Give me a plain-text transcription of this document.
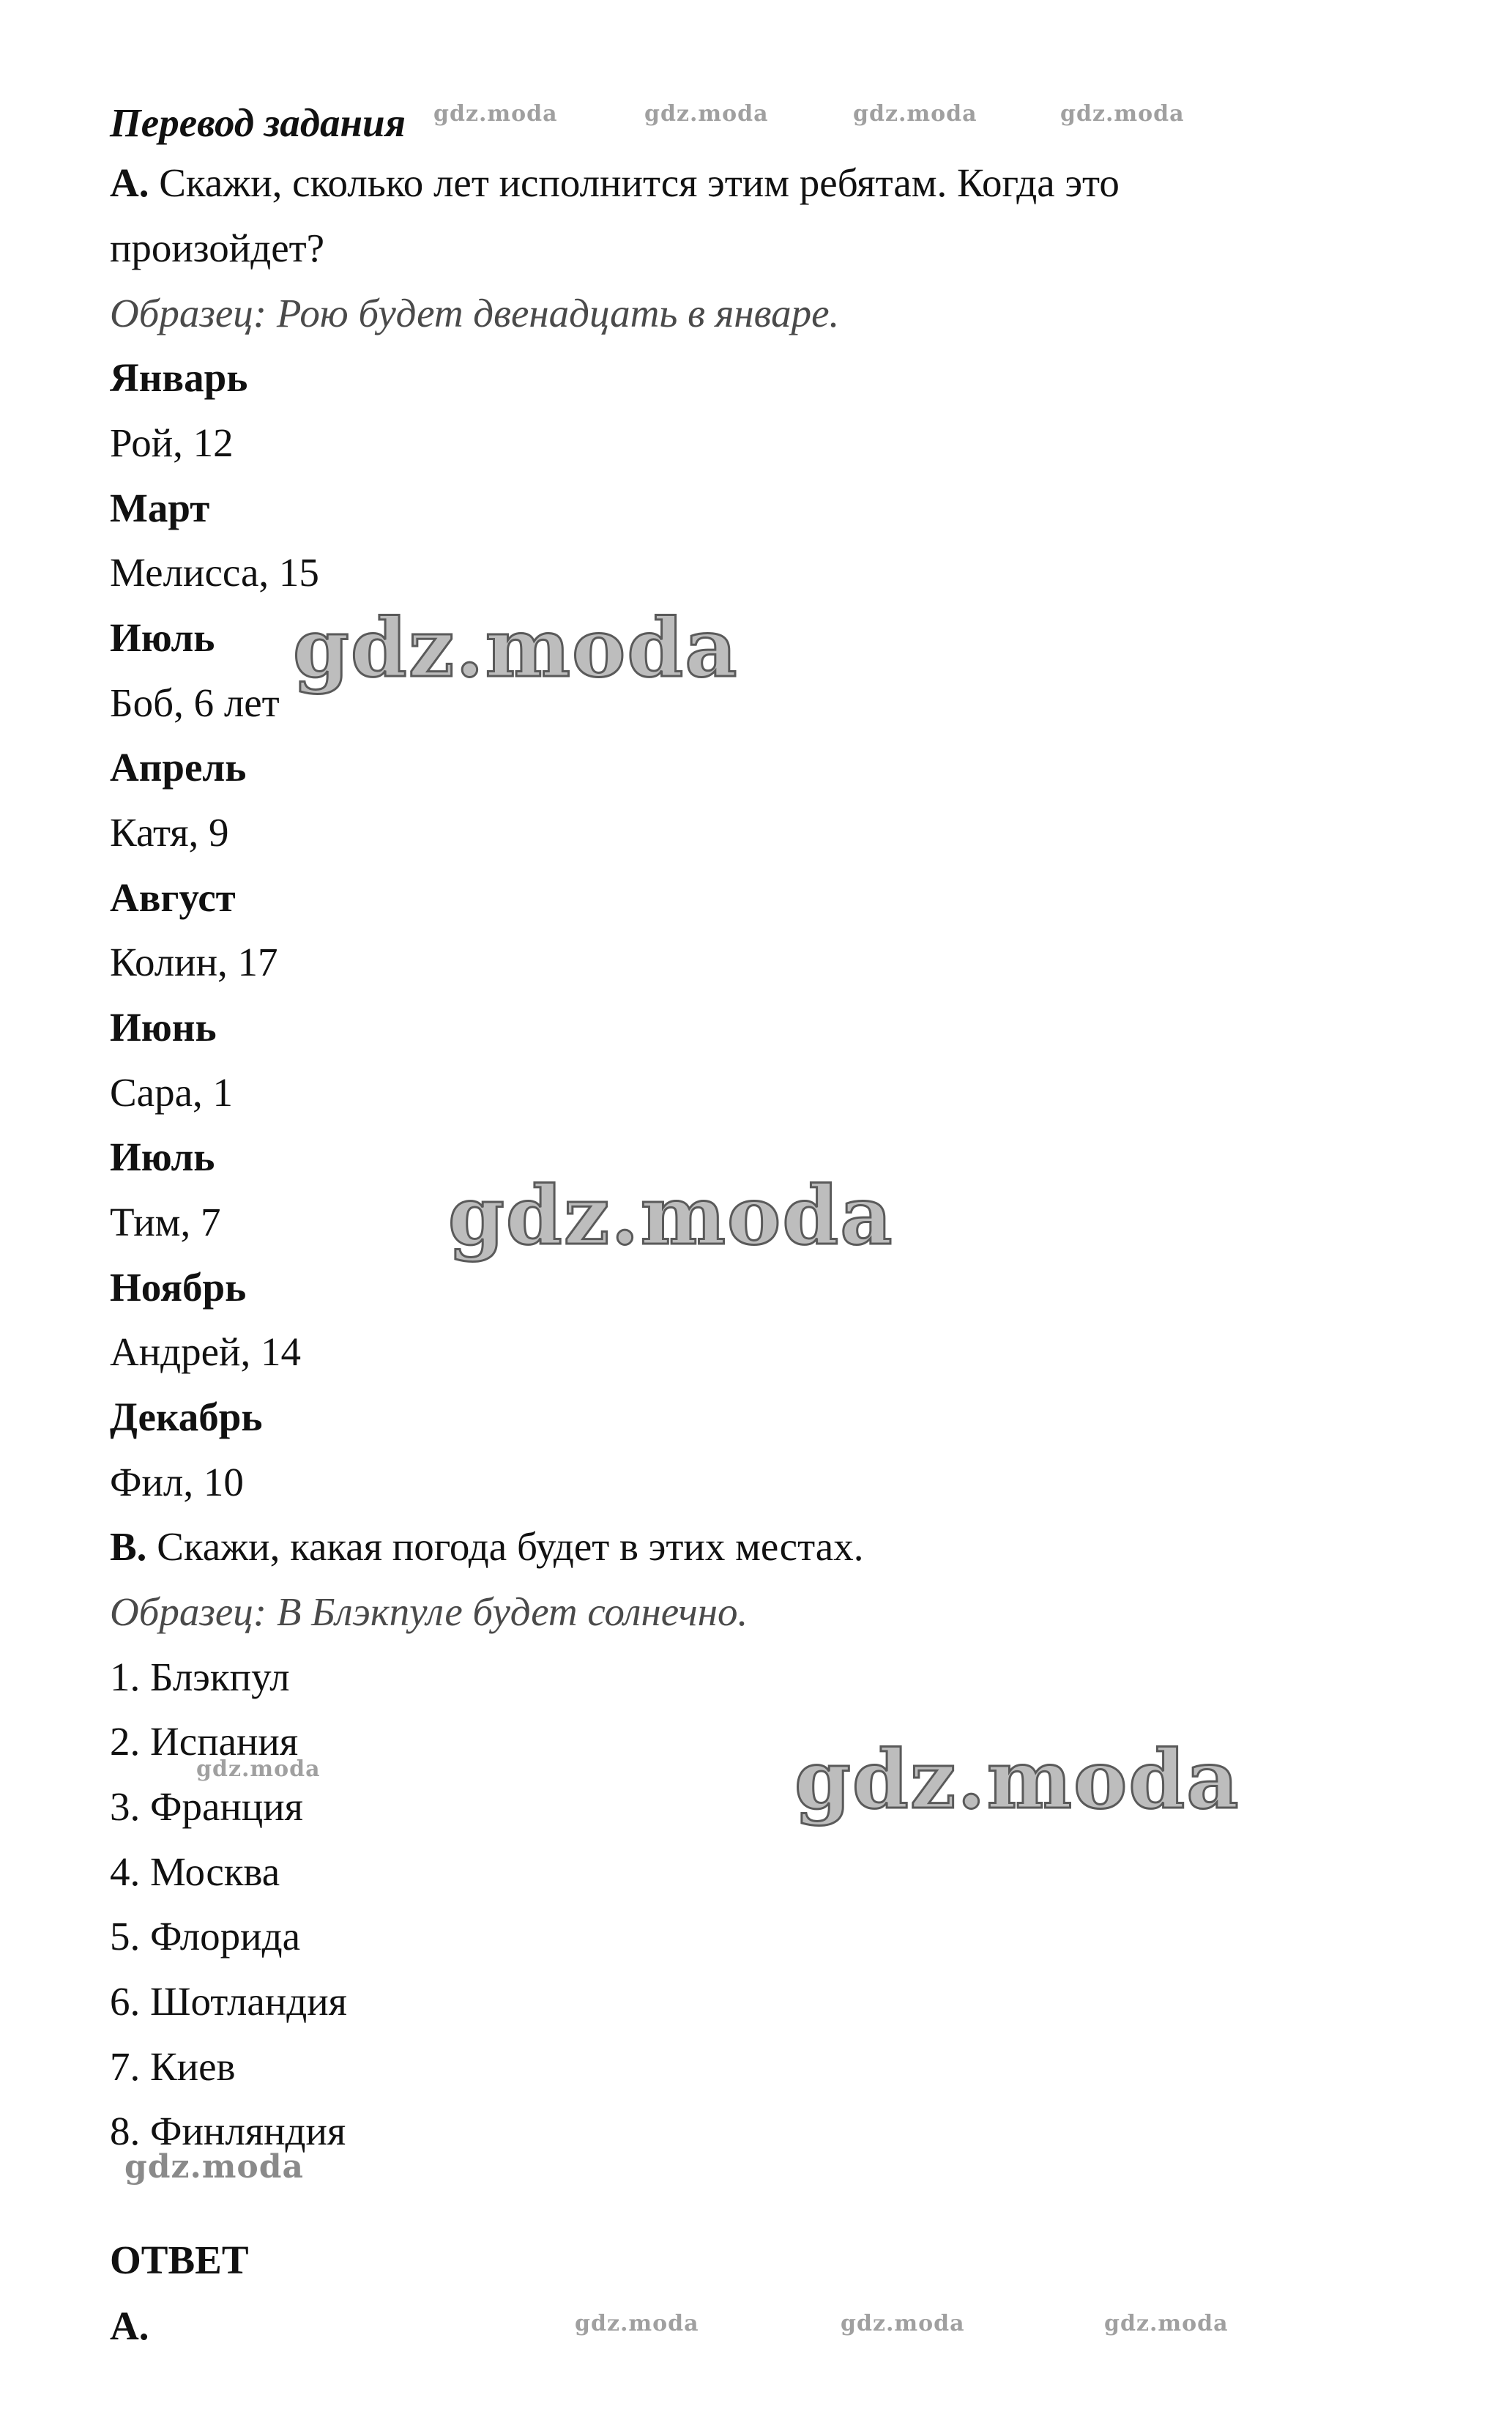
Перевод задания
А. Скажи, сколько лет исполнится этим ребятам. Когда это
произойдет?
Образец: Рою будет двенадцать в январе.
Январь
Рой, 12
Март
Мелисса, 15
Июль
Боб, 6 лет
Апрель
Катя, 9
Август
Колин, 17
Июнь
Сара, 1
Июль
Тим, 7
Ноябрь
Андрей, 14
Декабрь
Фил, 10
В. Скажи, какая погода будет в этих местах.
Образец: В Блэкпуле будет солнечно.
1. Блэкпул
2. Испания
3. Франция
4. Москва
5. Флорида
6. Шотландия
7. Киев
8. Финляндия
ОТВЕТ
А.
gdz.moda	gdz.moda	gdz.moda	gdz.moda
gdz.moda
gdz.moda
gdz.moda
gdz.moda
gdz.moda
gdz.moda	gdz.moda	gdz.moda
